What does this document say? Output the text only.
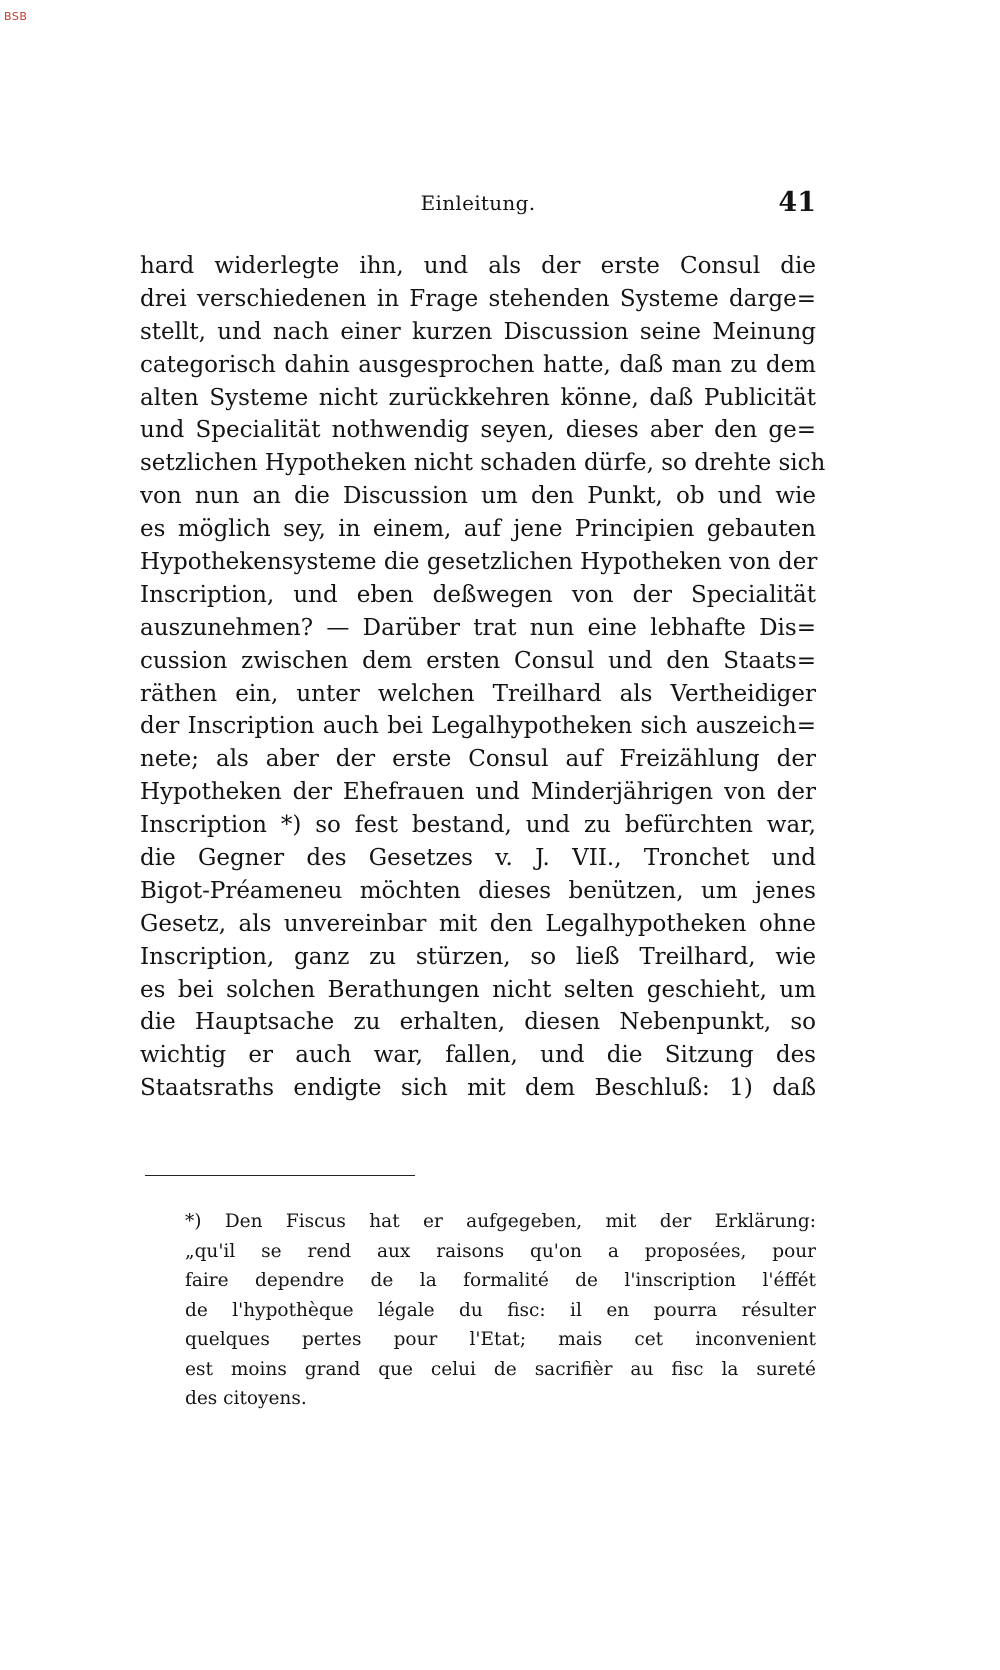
BSB
Einleitung.	41
hard widerlegte ihn, und als der erste Consul die
drei verschiedenen in Frage stehenden Systeme darge=
stellt, und nach einer kurzen Discussion seine Meinung
categorisch dahin ausgesprochen hatte, daß man zu dem
alten Systeme nicht zurückkehren könne, daß Publicität
und Specialität nothwendig seyen, dieses aber den ge=
setzlichen Hypotheken nicht schaden dürfe, so drehte sich
von nun an die Discussion um den Punkt, ob und wie
es möglich sey, in einem, auf jene Principien gebauten
Hypothekensysteme die gesetzlichen Hypotheken von der
Inscription, und eben deßwegen von der Specialität
auszunehmen? — Darüber trat nun eine lebhafte Dis=
cussion zwischen dem ersten Consul und den Staats=
räthen ein, unter welchen Treilhard als Vertheidiger
der Inscription auch bei Legalhypotheken sich auszeich=
nete; als aber der erste Consul auf Freizählung der
Hypotheken der Ehefrauen und Minderjährigen von der
Inscription *) so fest bestand, und zu befürchten war,
die Gegner des Gesetzes v. J. VII., Tronchet und
Bigot-Préameneu möchten dieses benützen, um jenes
Gesetz, als unvereinbar mit den Legalhypotheken ohne
Inscription, ganz zu stürzen, so ließ Treilhard, wie
es bei solchen Berathungen nicht selten geschieht, um
die Hauptsache zu erhalten, diesen Nebenpunkt, so
wichtig er auch war, fallen, und die Sitzung des
Staatsraths endigte sich mit dem Beschluß: 1) daß
*) Den Fiscus hat er aufgegeben, mit der Erklärung:
„qu'il se rend aux raisons qu'on a proposées, pour
faire dependre de la formalité de l'inscription l'éffét
de l'hypothèque légale du fisc: il en pourra résulter
quelques pertes pour l'Etat; mais cet inconvenient
est moins grand que celui de sacrifièr au fisc la sureté
des citoyens.
